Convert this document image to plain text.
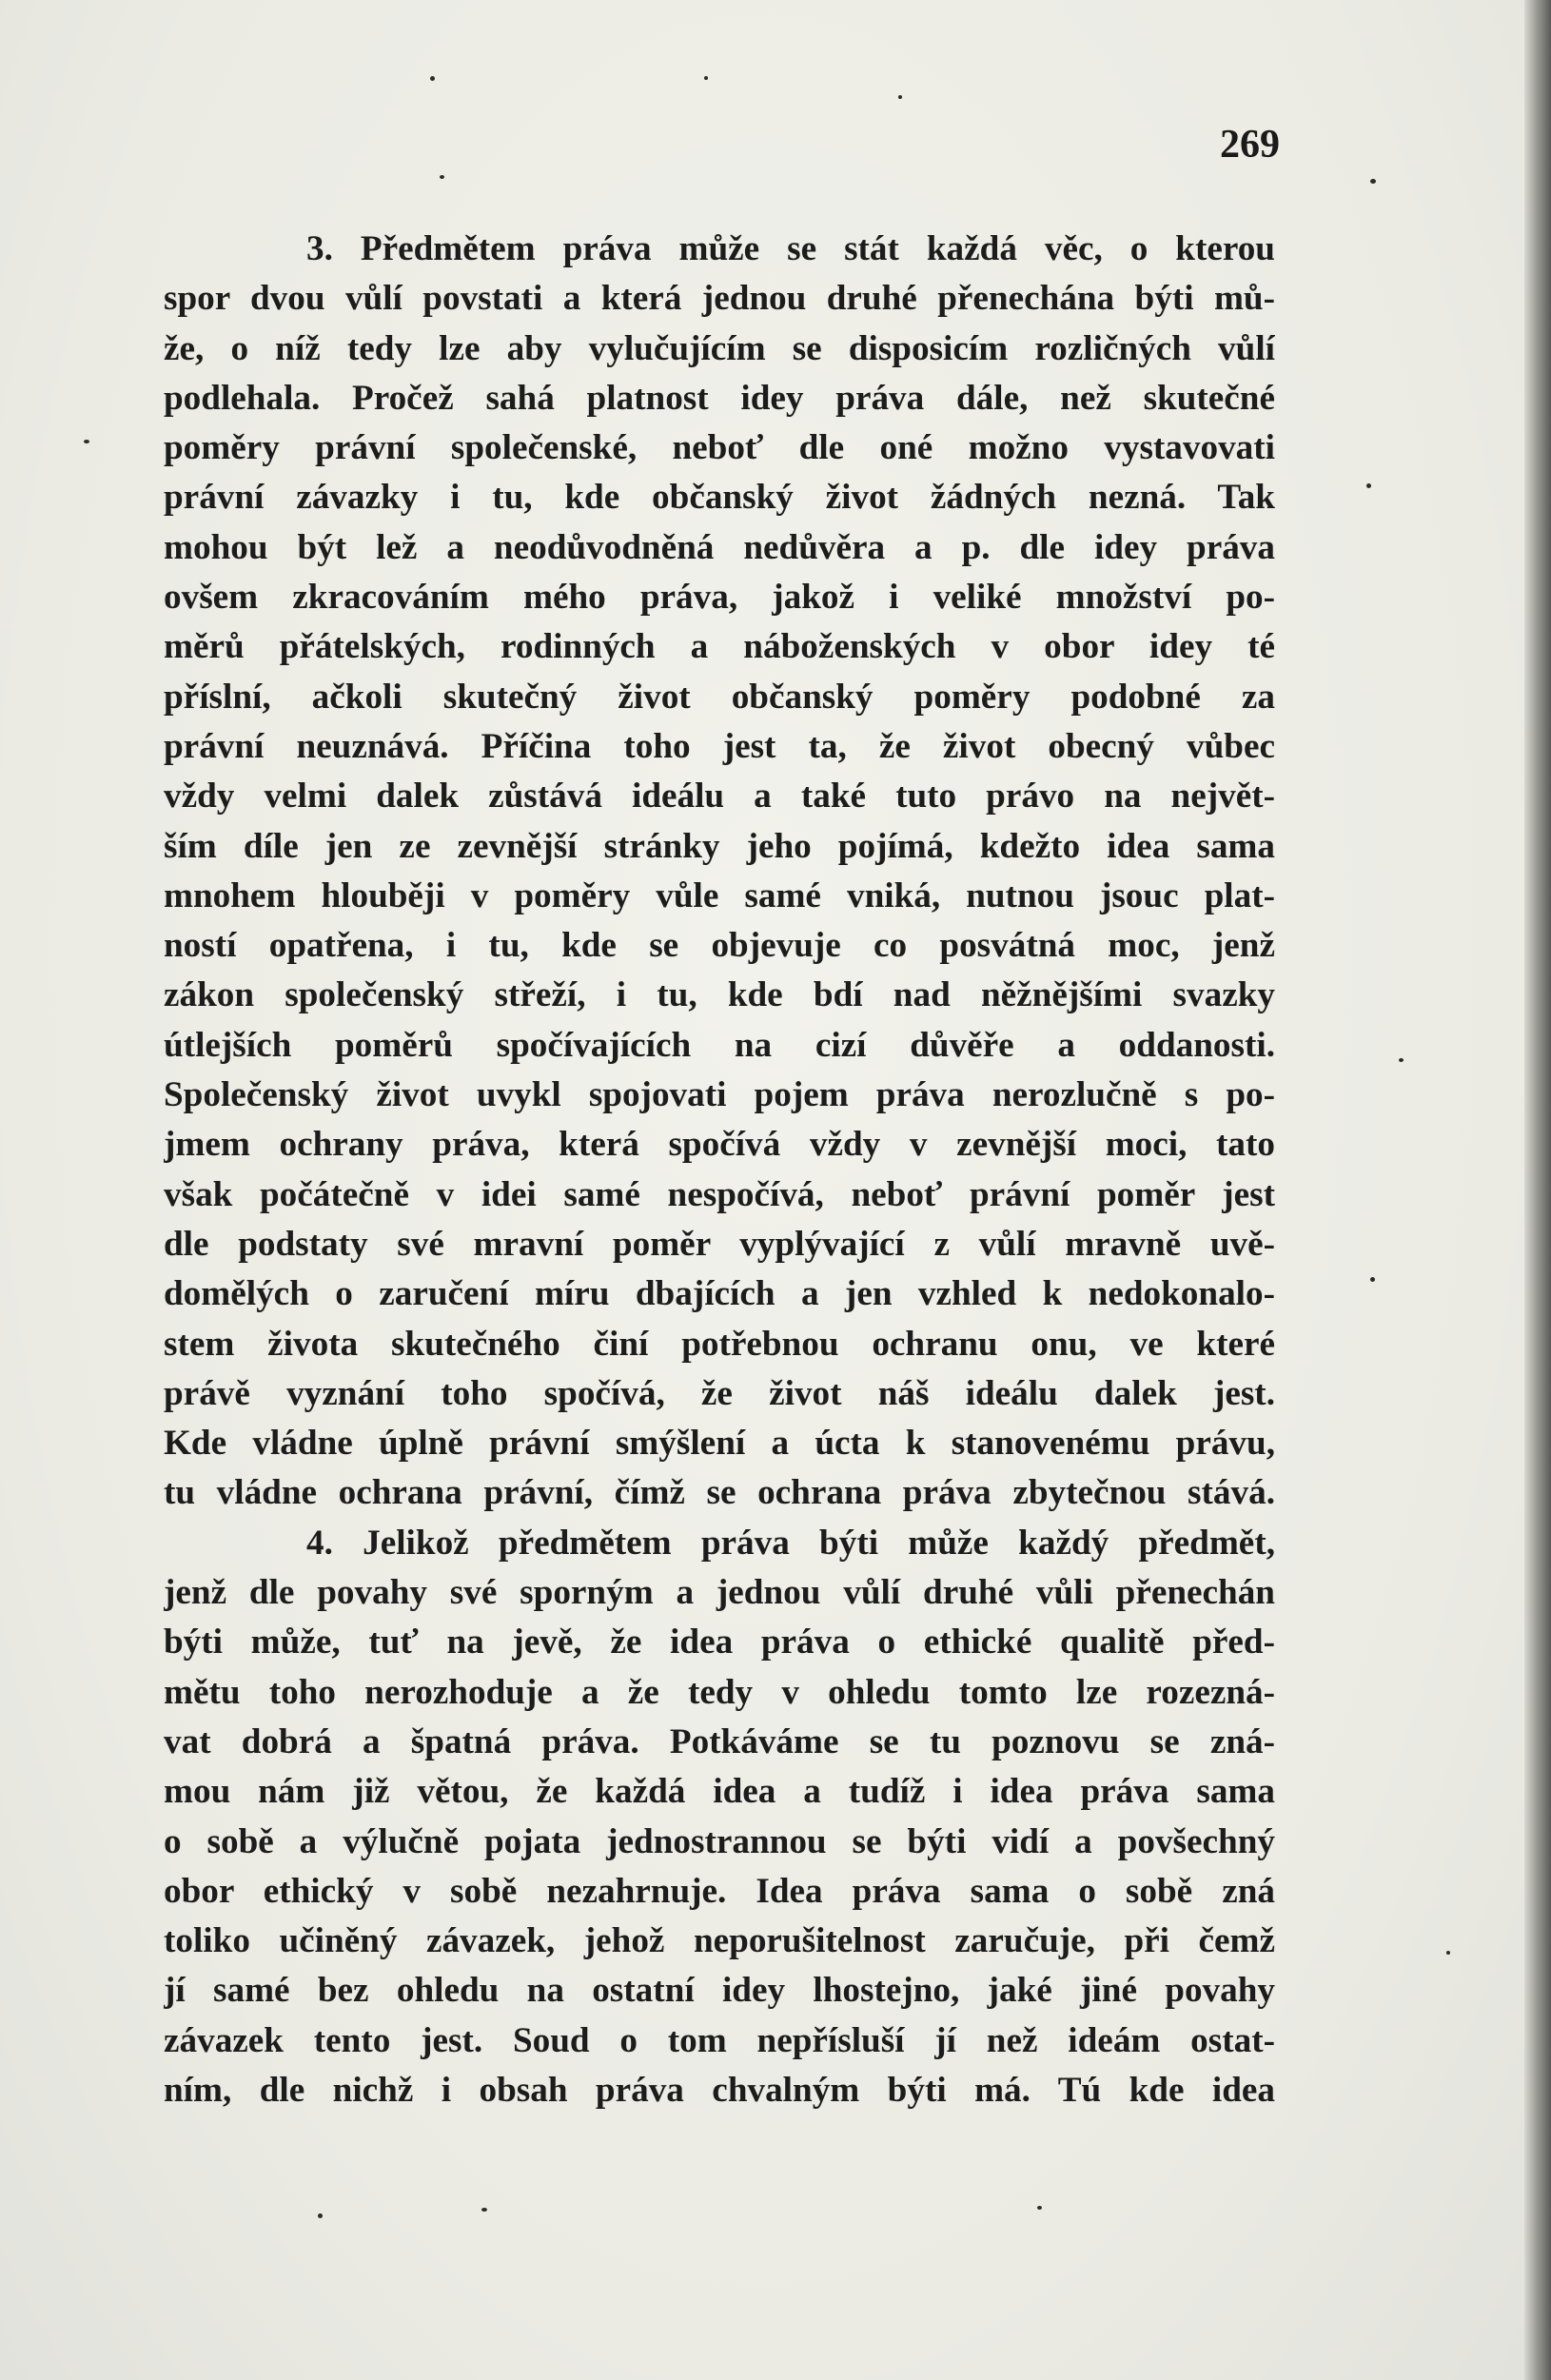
269
3. Předmětem práva může se stát každá věc, o kterou
spor dvou vůlí povstati a která jednou druhé přenechána býti mů-
že, o níž tedy lze aby vylučujícím se disposicím rozličných vůlí
podlehala. Pročež sahá platnost idey práva dále, než skutečné
poměry právní společenské, neboť dle oné možno vystavovati
právní závazky i tu, kde občanský život žádných nezná. Tak
mohou být lež a neodůvodněná nedůvěra a p. dle idey práva
ovšem zkracováním mého práva, jakož i veliké množství po-
měrů přátelských, rodinných a náboženských v obor idey té
příslní, ačkoli skutečný život občanský poměry podobné za
právní neuznává. Příčina toho jest ta, že život obecný vůbec
vždy velmi dalek zůstává ideálu a také tuto právo na největ-
ším díle jen ze zevnější stránky jeho pojímá, kdežto idea sama
mnohem hlouběji v poměry vůle samé vniká, nutnou jsouc plat-
ností opatřena, i tu, kde se objevuje co posvátná moc, jenž
zákon společenský střeží, i tu, kde bdí nad něžnějšími svazky
útlejších poměrů spočívajících na cizí důvěře a oddanosti.
Společenský život uvykl spojovati pojem práva nerozlučně s po-
jmem ochrany práva, která spočívá vždy v zevnější moci, tato
však počátečně v idei samé nespočívá, neboť právní poměr jest
dle podstaty své mravní poměr vyplývající z vůlí mravně uvě-
domělých o zaručení míru dbajících a jen vzhled k nedokonalo-
stem života skutečného činí potřebnou ochranu onu, ve které
právě vyznání toho spočívá, že život náš ideálu dalek jest.
Kde vládne úplně právní smýšlení a úcta k stanovenému právu,
tu vládne ochrana právní, čímž se ochrana práva zbytečnou stává.
4. Jelikož předmětem práva býti může každý předmět,
jenž dle povahy své sporným a jednou vůlí druhé vůli přenechán
býti může, tuť na jevě, že idea práva o ethické qualitě před-
mětu toho nerozhoduje a že tedy v ohledu tomto lze rozezná-
vat dobrá a špatná práva. Potkáváme se tu poznovu se zná-
mou nám již větou, že každá idea a tudíž i idea práva sama
o sobě a výlučně pojata jednostrannou se býti vidí a povšechný
obor ethický v sobě nezahrnuje. Idea práva sama o sobě zná
toliko učiněný závazek, jehož neporušitelnost zaručuje, při čemž
jí samé bez ohledu na ostatní idey lhostejno, jaké jiné povahy
závazek tento jest. Soud o tom nepřísluší jí než ideám ostat-
ním, dle nichž i obsah práva chvalným býti má. Tú kde idea
